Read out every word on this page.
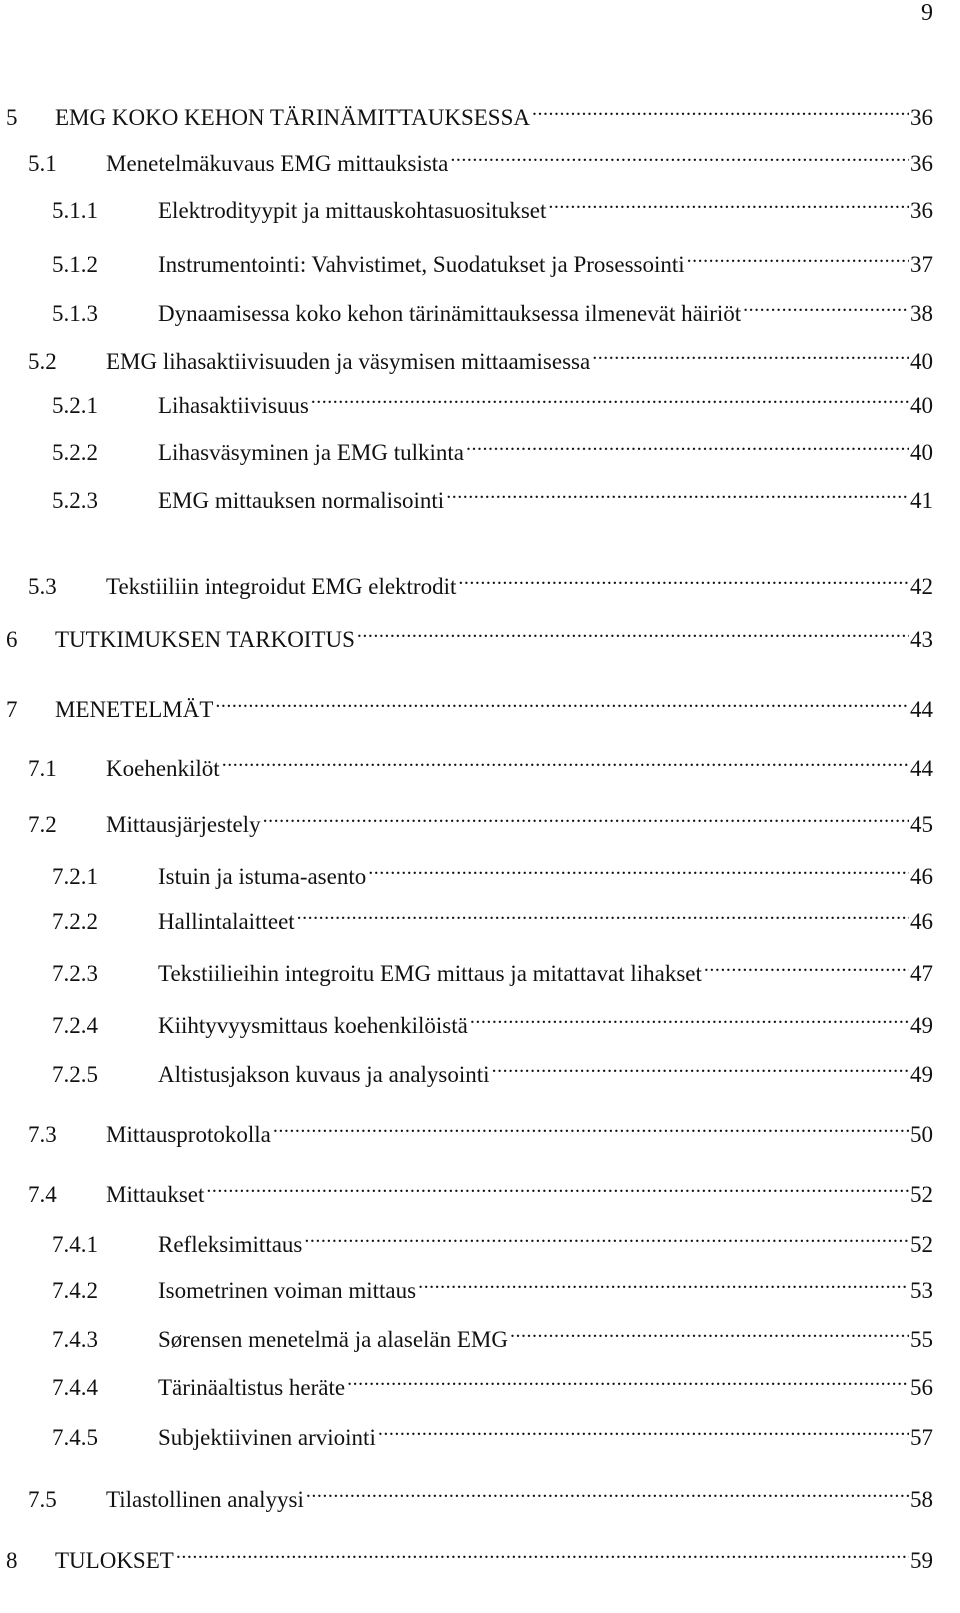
9
5	EMG KOKO KEHON TÄRINÄMITTAUKSESSA .....	36
5.1	Menetelmäkuvaus EMG mittauksista .....	36
5.1.1	Elektrodityypit ja mittauskohtasuositukset .....	36
5.1.2	Instrumentointi: Vahvistimet, Suodatukset ja Prosessointi .....	37
5.1.3	Dynaamisessa koko kehon tärinämittauksessa ilmenevät häiriöt .....	38
5.2	EMG lihasaktiivisuuden ja väsymisen mittaamisessa .....	40
5.2.1	Lihasaktiivisuus .....	40
5.2.2	Lihasväsyminen ja EMG tulkinta .....	40
5.2.3	EMG mittauksen normalisointi .....	41
5.3	Tekstiiliin integroidut EMG elektrodit .....	42
6	TUTKIMUKSEN TARKOITUS .....	43
7	MENETELMÄT .....	44
7.1	Koehenkilöt .....	44
7.2	Mittausjärjestely .....	45
7.2.1	Istuin ja istuma-asento .....	46
7.2.2	Hallintalaitteet .....	46
7.2.3	Tekstiilieihin integroitu EMG mittaus ja mitattavat lihakset .....	47
7.2.4	Kiihtyvyysmittaus koehenkilöistä .....	49
7.2.5	Altistusjakson kuvaus ja analysointi .....	49
7.3	Mittausprotokolla .....	50
7.4	Mittaukset .....	52
7.4.1	Refleksimittaus .....	52
7.4.2	Isometrinen voiman mittaus .....	53
7.4.3	Sørensen menetelmä ja alaselän EMG .....	55
7.4.4	Tärinäaltistus heräte .....	56
7.4.5	Subjektiivinen arviointi .....	57
7.5	Tilastollinen analyysi .....	58
8	TULOKSET .....	59
